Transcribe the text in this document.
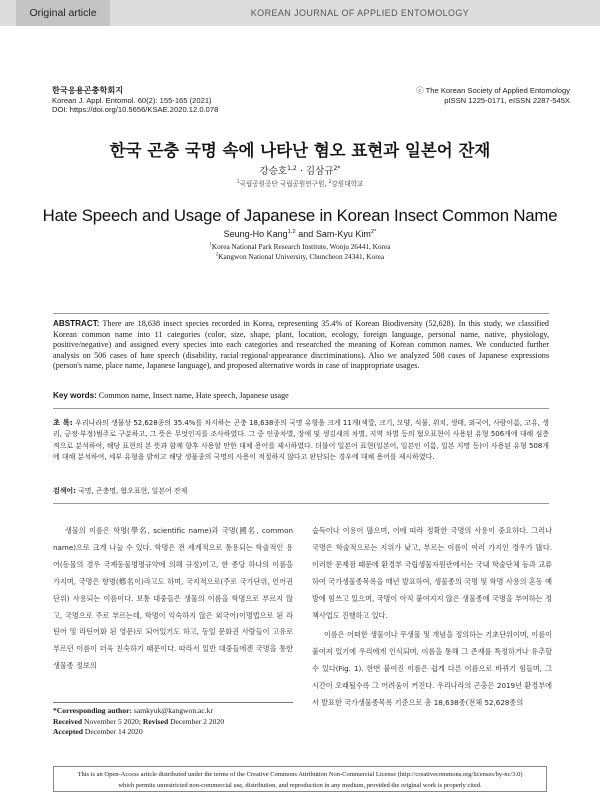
Original article	KOREAN JOURNAL OF APPLIED ENTOMOLOGY
한국응용곤충학회지
Korean J. Appl. Entomol. 60(2): 155-165 (2021)
DOI: https://doi.org/10.5656/KSAE.2020.12.0.078
ⓒ The Korean Society of Applied Entomology
pISSN 1225-0171, eISSN 2287-545X
한국 곤충 국명 속에 나타난 혐오 표현과 일본어 잔재
강승호$^{1,2}$ · 김삼규$^{2*}$
$^1$국립공원공단 국립공원연구원, $^2$강원대학교
Hate Speech and Usage of Japanese in Korean Insect Common Name
Seung-Ho Kang$^{1,2}$ and Sam-Kyu Kim$^{2*}$
$^1$Korea National Park Research Institute, Wonju 26441, Korea
$^2$Kangwon National University, Chuncheon 24341, Korea
ABSTRACT: There are 18,638 insect species recorded in Korea, representing 35.4% of Korean Biodiversity (52,628). In this study, we classified Korean common name into 11 categories (color, size, shape, plant, location, ecology, foreign language, personal name, native, physiology, positive/negative) and assigned every species into each categories and researched the meaning of Korean common names. We conducted further analysis on 506 cases of hate speech (disability, racial·regional·appearance discriminations). Also we analyzed 508 cases of Japanese expressions (person's name, place name, Japanese language), and proposed alternative words in case of inappropriate usages.
Key words: Common name, Insect name, Hate speech, Japanese usage
초 록: 우리나라의 생물상 52,628종의 35.4%를 차지하는 곤충 18,638종의 국명 유형을 크게 11개(색깔, 크기, 모양, 식물, 위치, 생태, 외국어, 사람이름, 고유, 생리, 긍정·부정)범주로 구분하고, 그 뜻은 무엇인지를 조사하였다. 그 중 인종차별, 장애 및 생김새의 차별, 지역 차별 등의 혐오표현이 사용된 유형 506개에 대해 심층적으로 분석하여, 해당 표현의 본 뜻과 함께 향후 사용할 만한 대체 용어를 제시하였다. 더불어 일본어 표현(일본어, 일본인 이름, 일본 지명 등)이 사용된 유형 508개에 대해 분석하여, 세부 유형을 밝히고 해당 생물종의 국명의 사용이 적절하지 않다고 판단되는 경우에 대체 용어를 제시하였다.
검색어: 국명, 곤충명, 혐오표현, 일본어 잔재

생물의 이름은 학명(學名, scientific name)과 국명(國名, common name)으로 크게 나눌 수 있다. 학명은 전 세계적으로 통용되는 학술적인 용어(동물의 경우 국제동물명명규약에 의해 규정)이고, 한 종당 하나의 이름을 가지며, 국명은 향명(鄕名이)라고도 하며, 국지적으로(주로 국가단위, 언어권 단위) 사용되는 이름이다. 보통 대중들은 생물의 이름을 학명으로 부르지 않고, 국명으로 주로 부르는데, 학명이 익숙하지 않은 외국어(이명법으로 된 라틴어 및 라틴어화 된 영문)로 되어있기도 하고, 동일 문화권 사람들이 고유로 부르던 이름이 더욱 친숙하기 때문이다. 따라서 일반 대중들에겐 국명을 통한 생물종 정보의

습득이나 이용이 많으며, 이에 따라 정확한 국명의 사용이 중요하다. 그러나 국명은 학술적으로는 지위가 낮고, 부르는 이름이 여러 가지인 경우가 많다. 이러한 문제점 때문에 환경부 국립생물자원관에서는 국내 학술단체 등과 교류하여 국가생물종목록을 매년 발표하여, 생물종의 국명 및 학명 사용의 혼동 예방에 힘쓰고 있으며, 국명이 아직 붙여지지 않은 생물종에 국명을 부여하는 정책사업도 진행하고 있다.

이름은 어떠한 생물이나 무생물 및 개념을 정의하는 기초단위이며, 이름이 붙여져 있기에 우리에게 인식되며, 이름을 통해 그 존재를 특정하거나 유추할 수 있다(Fig. 1). 한번 붙여진 이름은 쉽게 다른 이름으로 바뀌기 힘들며, 그 시간이 오래될수록 그 어려움이 커진다. 우리나라의 곤충은 2019년 환경부에서 발표한 국가생물종목록 기준으로 총 18,638종(전체 52,628종의

*Corresponding author: samkyuk@kangwon.ac.kr
Received November 5 2020; Revised December 2 2020
Accepted December 14 2020
This is an Open-Access article distributed under the terms of the Creative Commons Attribution Non-Commercial License (http://creativecommons.org/licenses/by-nc/3.0)
which permits unrestricted non-commercial use, distribution, and reproduction in any medium, provided the original work is properly cited.
